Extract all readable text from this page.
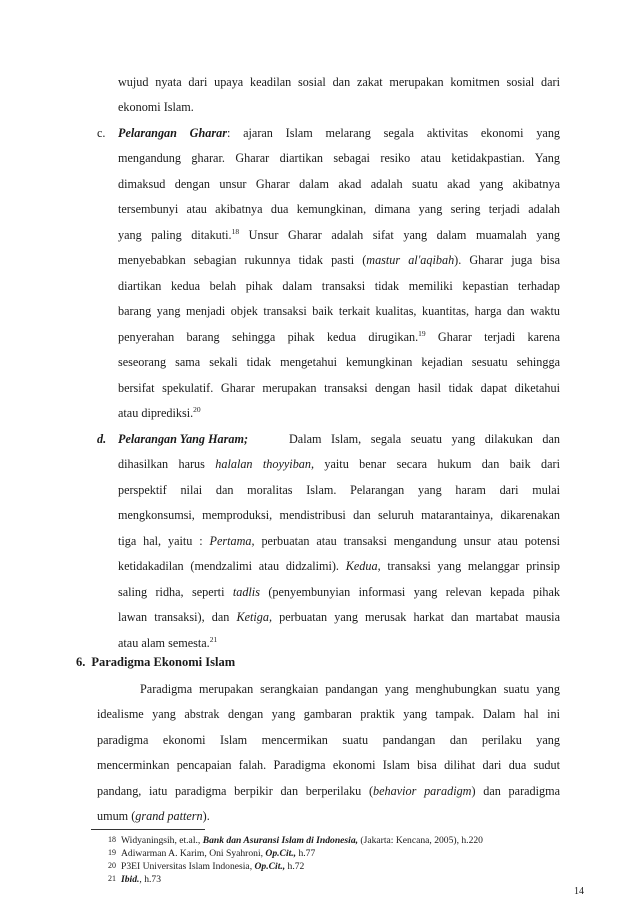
wujud nyata dari upaya keadilan sosial dan zakat merupakan komitmen sosial dari
ekonomi Islam.
c. Pelarangan Gharar: ajaran Islam melarang segala aktivitas ekonomi yang
mengandung gharar. Gharar diartikan sebagai resiko atau ketidakpastian. Yang
dimaksud dengan unsur Gharar dalam akad adalah suatu akad yang akibatnya
tersembunyi atau akibatnya dua kemungkinan, dimana yang sering terjadi adalah
yang paling ditakuti.$^{18}$ Unsur Gharar adalah sifat yang dalam muamalah yang
menyebabkan sebagian rukunnya tidak pasti (mastur al'aqibah). Gharar juga bisa
diartikan kedua belah pihak dalam transaksi tidak memiliki kepastian terhadap
barang yang menjadi objek transaksi baik terkait kualitas, kuantitas, harga dan waktu
penyerahan barang sehingga pihak kedua dirugikan.$^{19}$ Gharar terjadi karena
seseorang sama sekali tidak mengetahui kemungkinan kejadian sesuatu sehingga
bersifat spekulatif. Gharar merupakan transaksi dengan hasil tidak dapat diketahui
atau diprediksi.$^{20}$
d. Pelarangan Yang Haram;	Dalam Islam, segala seuatu yang dilakukan dan
dihasilkan harus halalan thoyyiban, yaitu benar secara hukum dan baik dari
perspektif nilai dan moralitas Islam. Pelarangan yang haram dari mulai
mengkonsumsi, memproduksi, mendistribusi dan seluruh matarantainya, dikarenakan
tiga hal, yaitu : Pertama, perbuatan atau transaksi mengandung unsur atau potensi
ketidakadilan (mendzalimi atau didzalimi). Kedua, transaksi yang melanggar prinsip
saling ridha, seperti tadlis (penyembunyian informasi yang relevan kepada pihak
lawan transaksi), dan Ketiga, perbuatan yang merusak harkat dan martabat mausia
atau alam semesta.$^{21}$
6. Paradigma Ekonomi Islam
Paradigma merupakan serangkaian pandangan yang menghubungkan suatu yang
idealisme yang abstrak dengan yang gambaran praktik yang tampak. Dalam hal ini
paradigma ekonomi Islam mencermikan suatu pandangan dan perilaku yang
mencerminkan pencapaian falah. Paradigma ekonomi Islam bisa dilihat dari dua sudut
pandang, iatu paradigma berpikir dan berperilaku (behavior paradigm) dan paradigma
umum (grand pattern).
18 Widyaningsih, et.al., Bank dan Asuransi Islam di Indonesia, (Jakarta: Kencana, 2005), h.220
19 Adiwarman A. Karim, Oni Syahroni, Op.Cit., h.77
20 P3EI Universitas Islam Indonesia, Op.Cit., h.72
21 Ibid., h.73
14
